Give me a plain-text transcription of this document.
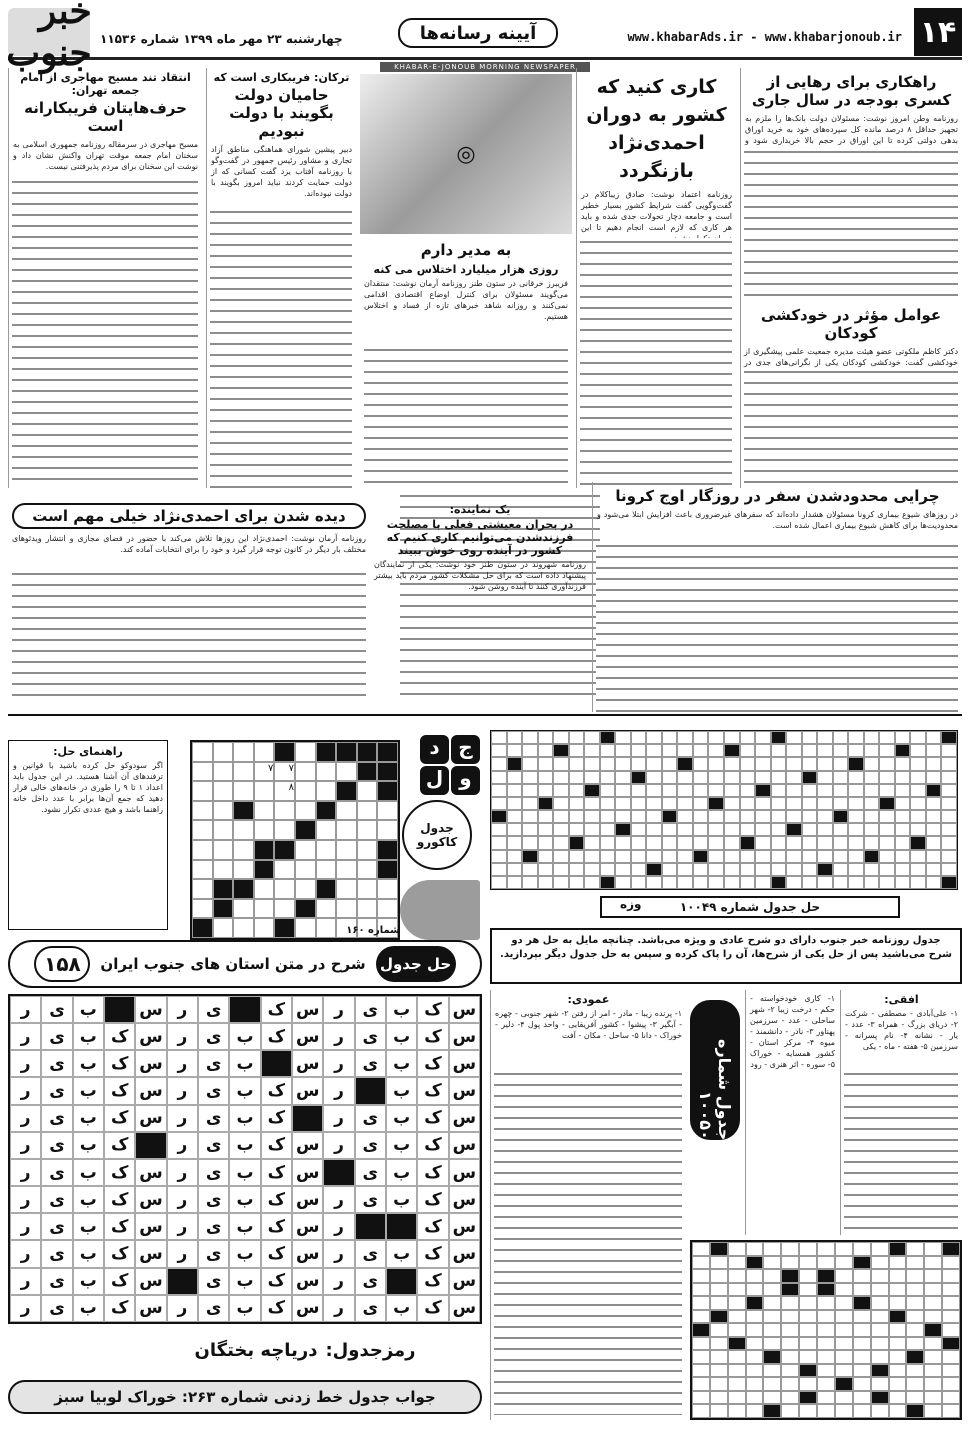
۱۴
www.khabarAds.ir - www.khabarjonoub.ir
آیینه رسانه‌ها
چهارشنبه ۲۳ مهر ماه ۱۳۹۹ شماره ۱۱۵۳۶
خبر جنوب	KHABAR-E-JONOUB MORNING NEWSPAPER
راهکاری برای رهایی از کسری بودجه در سال جاری
روزنامه وطن امروز نوشت: مسئولان دولت بانک‌ها را ملزم به تجهیز حداقل ۸ درصد مانده کل سپرده‌های خود به خرید اوراق بدهی دولتی کرده تا این اوراق در حجم بالا خریداری شود و
عوامل مؤثر در خودکشی کودکان
دکتر کاظم ملکوتی عضو هیئت مدیره جمعیت علمی پیشگیری از خودکشی گفت: خودکشی کودکان یکی از نگرانی‌های جدی در
کاری کنید که کشور به دوران احمدی‌نژاد بازنگردد
روزنامه اعتماد نوشت: صادق زیباکلام در گفت‌وگویی گفت شرایط کشور بسیار خطیر است و جامعه دچار تحولات جدی شده و باید هر کاری که لازم است انجام دهیم تا این
◎
به مدیر دارم
روزی هزار میلیارد اختلاس می کنه
فریبرز خرقانی در ستون طنز روزنامه آرمان نوشت: منتقدان می‌گویند مسئولان برای کنترل اوضاع اقتصادی اقدامی نمی‌کنند و روزانه شاهد خبرهای تازه از فساد و اختلاس هستیم.
ترکان: فریبکاری است که
حامیان دولت بگویند با دولت نبودیم
دبیر پیشین شورای هماهنگی مناطق آزاد تجاری و مشاور رئیس جمهور در گفت‌وگو با روزنامه آفتاب یزد گفت کسانی که از دولت حمایت کردند نباید امروز بگویند با دولت نبوده‌اند.
انتقاد تند مسیح مهاجری از امام جمعه تهران:
حرف‌هایتان فریبکارانه است
مسیح مهاجری در سرمقاله روزنامه جمهوری اسلامی به سخنان امام جمعه موقت تهران واکنش نشان داد و نوشت این سخنان برای مردم پذیرفتنی نیست.
چرایی محدودشدن سفر در روزگار اوج کرونا
در روزهای شیوع بیماری کرونا مسئولان هشدار داده‌اند که سفرهای غیرضروری باعث افزایش ابتلا می‌شود و محدودیت‌ها برای کاهش شیوع بیماری اعمال شده است.
یک نماینده:
در بحران معیشتی فعلی با مصلحت فرزندشدن می‌توانیم کاری کنیم که کشور در آینده روی خوش ببیند
روزنامه شهروند در ستون طنز خود نوشت: یکی از نمایندگان پیشنهاد داده است که برای حل مشکلات کشور مردم باید بیشتر فرزندآوری کنند تا آینده روشن شود.
دیده شدن برای احمدی‌نژاد خیلی مهم است
روزنامه آرمان نوشت: احمدی‌نژاد این روزها تلاش می‌کند با حضور در فضای مجازی و انتشار ویدئوهای مختلف بار دیگر در کانون توجه قرار گیرد و خود را برای انتخابات آماده کند.
راهنمای حل:
اگر سودوکو حل کرده باشید با قوانین و ترفندهای آن آشنا هستید. در این جدول باید اعداد ۱ تا ۹ را طوری در خانه‌های خالی قرار دهید که جمع آن‌ها برابر با عدد داخل خانه راهنما باشد و هیچ عددی تکرار نشود.
۷
۷
۸
شماره ۱۶۰
جدول کاکورو
ج
د
و
ل
حل جدول شماره ۱۰۰۴۹
وزه
جدول روزنامه خبر جنوب دارای دو شرح عادی و ویژه می‌باشد. چنانچه مایل به حل هر دو شرح می‌باشید پس از حل یکی از شرح‌ها، آن را پاک کرده و سپس به حل جدول دیگر بپردازید.
جدول شماره ۱۰۰۵۰
افقی:
۱- علی‌آبادی - مصطفی - شرکت ۲- دریای بزرگ - همراه ۳- عدد - یار - نشانه ۴- نام پسرانه - سرزمین ۵- هفته - ماه - یکی
۱- کاری خودخواسته - حکم - درخت زیبا ۲- شهر ساحلی - عدد - سرزمین پهناور ۳- نادر - دانشمند - میوه ۴- مرکز استان - کشور همسایه - خوراک ۵- سوره - اثر هنری - رود
عمودی:
۱- پرنده زیبا - مادر - امر از رفتن ۲- شهر جنوبی - چهره - آبگیر ۳- پیشوا - کشور آفریقایی - واحد پول ۴- دلیر - خوراک - دانا ۵- ساحل - مکان - آفت
حل جدول
شرح در متن استان های جنوب ایران
۱۵۸
س
ک
ب
ی
ر
س
ک
ی
ر
س
ب
ی
ر
س
ک
ب
ی
ر
س
ک
ب
ی
ر
س
ک
ب
ی
ر
س
ک
ب
ی
ر
س
ب
ی
ر
س
ک
ب
ی
ر
س
ک
ب
ر
س
ک
ب
ی
ر
س
ک
ب
ی
ر
س
ک
ب
ی
ر
ک
ب
ی
ر
س
ک
ب
ی
ر
س
ک
ب
ی
ر
س
ک
ب
ی
ر
ک
ب
ی
ر
س
ک
ب
ی
س
ک
ب
ی
ر
س
ک
ب
ی
ر
س
ک
ب
ی
ر
س
ک
ب
ی
ر
س
ک
ب
ی
ر
س
ک
ر
س
ک
ب
ی
ر
س
ک
ب
ی
ر
س
ک
ب
ی
ر
س
ک
ب
ی
ر
س
ک
ب
ی
ر
س
ک
ی
ر
س
ک
ب
ی
س
ک
ب
ی
ر
س
ک
ب
ی
ر
س
ک
ب
ی
ر
س
ک
ب
ی
ر
رمزجدول:
دریاچه بختگان
جواب جدول خط زدنی شماره ۲۶۳: خوراک لوبیا سبز
